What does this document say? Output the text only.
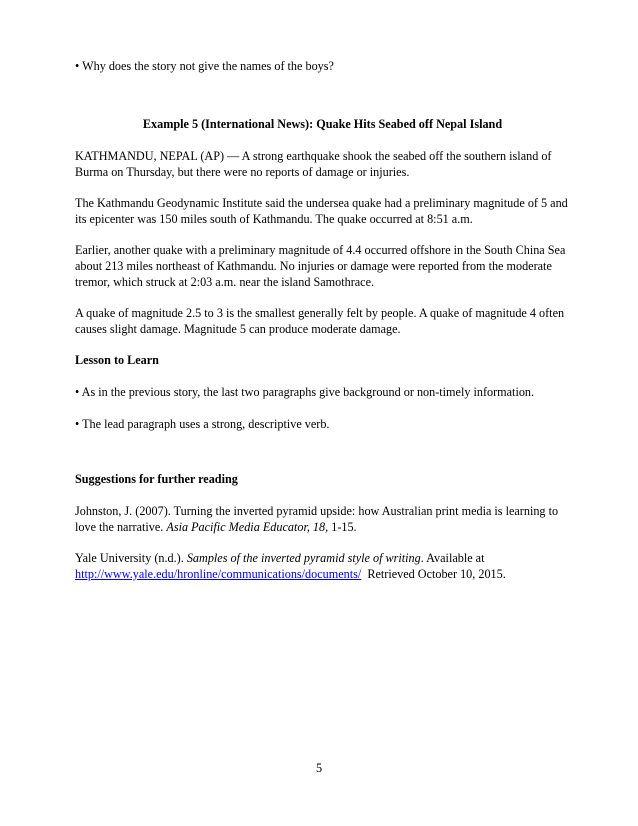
• Why does the story not give the names of the boys?

Example 5 (International News): Quake Hits Seabed off Nepal Island

KATHMANDU, NEPAL (AP) — A strong earthquake shook the seabed off the southern island of Burma on Thursday, but there were no reports of damage or injuries.

The Kathmandu Geodynamic Institute said the undersea quake had a preliminary magnitude of 5 and its epicenter was 150 miles south of Kathmandu. The quake occurred at 8:51 a.m.

Earlier, another quake with a preliminary magnitude of 4.4 occurred offshore in the South China Sea about 213 miles northeast of Kathmandu. No injuries or damage were reported from the moderate tremor, which struck at 2:03 a.m. near the island Samothrace.

A quake of magnitude 2.5 to 3 is the smallest generally felt by people. A quake of magnitude 4 often causes slight damage. Magnitude 5 can produce moderate damage.

Lesson to Learn

• As in the previous story, the last two paragraphs give background or non-timely information.

• The lead paragraph uses a strong, descriptive verb.

Suggestions for further reading

Johnston, J. (2007). Turning the inverted pyramid upside: how Australian print media is learning to love the narrative. Asia Pacific Media Educator, 18, 1-15.

Yale University (n.d.). Samples of the inverted pyramid style of writing. Available at http://www.yale.edu/hronline/communications/documents/  Retrieved October 10, 2015.

5
